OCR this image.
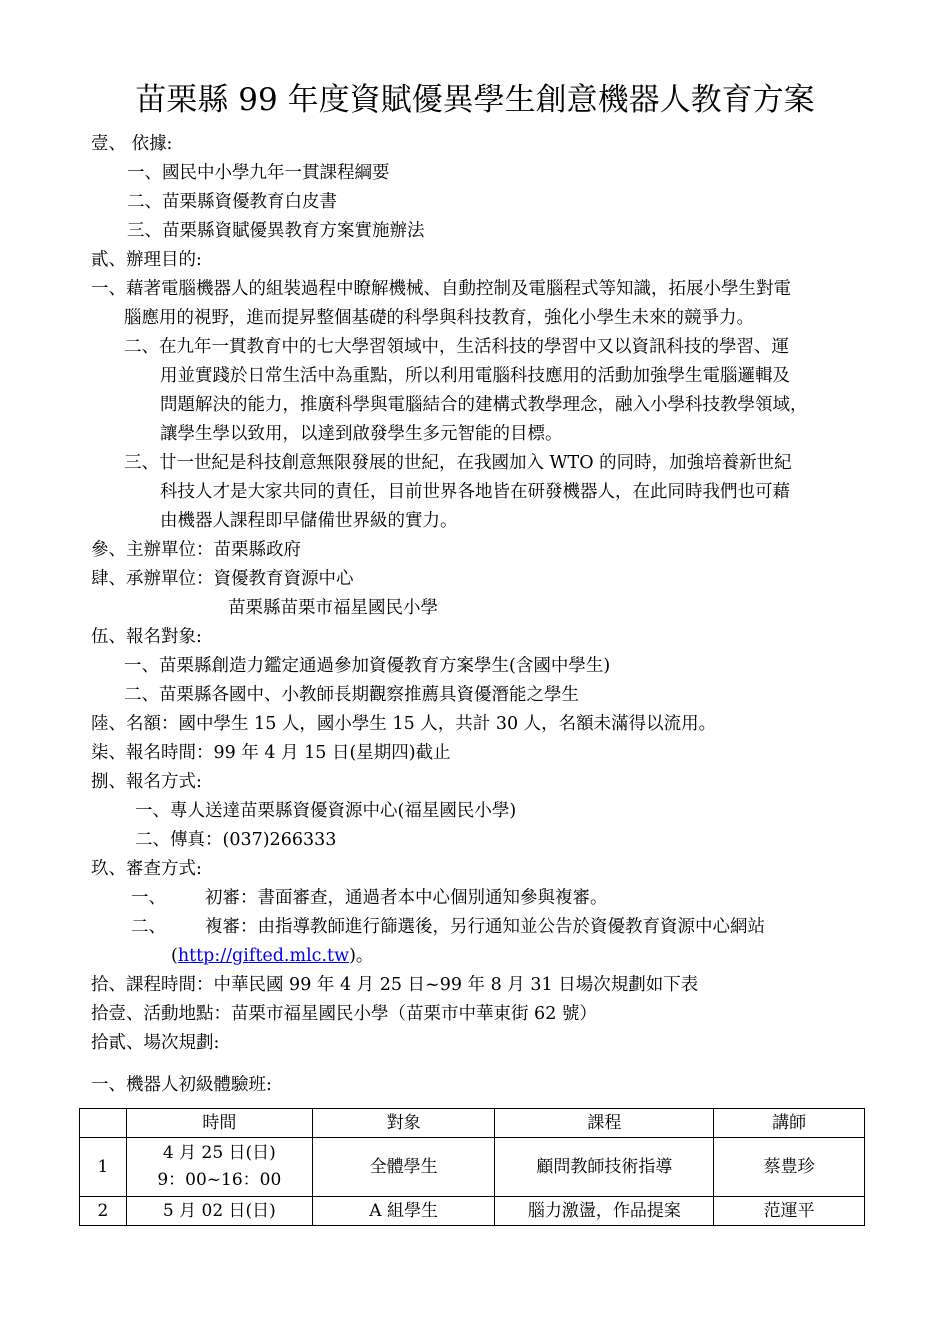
苗栗縣 99 年度資賦優異學生創意機器人教育方案
壹、 依據:
一、國民中小學九年一貫課程綱要
二、苗栗縣資優教育白皮書
三、苗栗縣資賦優異教育方案實施辦法
貳、辦理目的:
一、藉著電腦機器人的組裝過程中瞭解機械、自動控制及電腦程式等知識，拓展小學生對電
腦應用的視野，進而提昇整個基礎的科學與科技教育，強化小學生未來的競爭力。
二、在九年一貫教育中的七大學習領域中，生活科技的學習中又以資訊科技的學習、運
用並實踐於日常生活中為重點，所以利用電腦科技應用的活動加強學生電腦邏輯及
問題解決的能力，推廣科學與電腦結合的建構式教學理念，融入小學科技教學領域，
讓學生學以致用，以達到啟發學生多元智能的目標。
三、廿一世紀是科技創意無限發展的世紀，在我國加入 WTO 的同時，加強培養新世紀
科技人才是大家共同的責任，目前世界各地皆在研發機器人，在此同時我們也可藉
由機器人課程即早儲備世界級的實力。
參、主辦單位：苗栗縣政府
肆、承辦單位：資優教育資源中心
苗栗縣苗栗市福星國民小學
伍、報名對象:
一、苗栗縣創造力鑑定通過參加資優教育方案學生(含國中學生)
二、苗栗縣各國中、小教師長期觀察推薦具資優潛能之學生
陸、名額：國中學生 15 人，國小學生 15 人，共計 30 人，名額未滿得以流用。
柒、報名時間：99 年 4 月 15 日(星期四)截止
捌、報名方式:
一、專人送達苗栗縣資優資源中心(福星國民小學)
二、傳真：(037)266333
玖、審查方式:
一、 初審：書面審查，通過者本中心個別通知參與複審。
二、 複審：由指導教師進行篩選後，另行通知並公告於資優教育資源中心網站
(http://gifted.mlc.tw)。
拾、課程時間：中華民國 99 年 4 月 25 日~99 年 8 月 31 日場次規劃如下表
拾壹、活動地點：苗栗市福星國民小學（苗栗市中華東街 62 號）
拾貳、場次規劃:
一、機器人初級體驗班:
	時間	對象	課程	講師
1	4 月 25 日(日)
9：00~16：00	全體學生	顧問教師技術指導	蔡豊珍
2	5 月 02 日(日)	A 組學生	腦力激盪，作品提案	范運平
